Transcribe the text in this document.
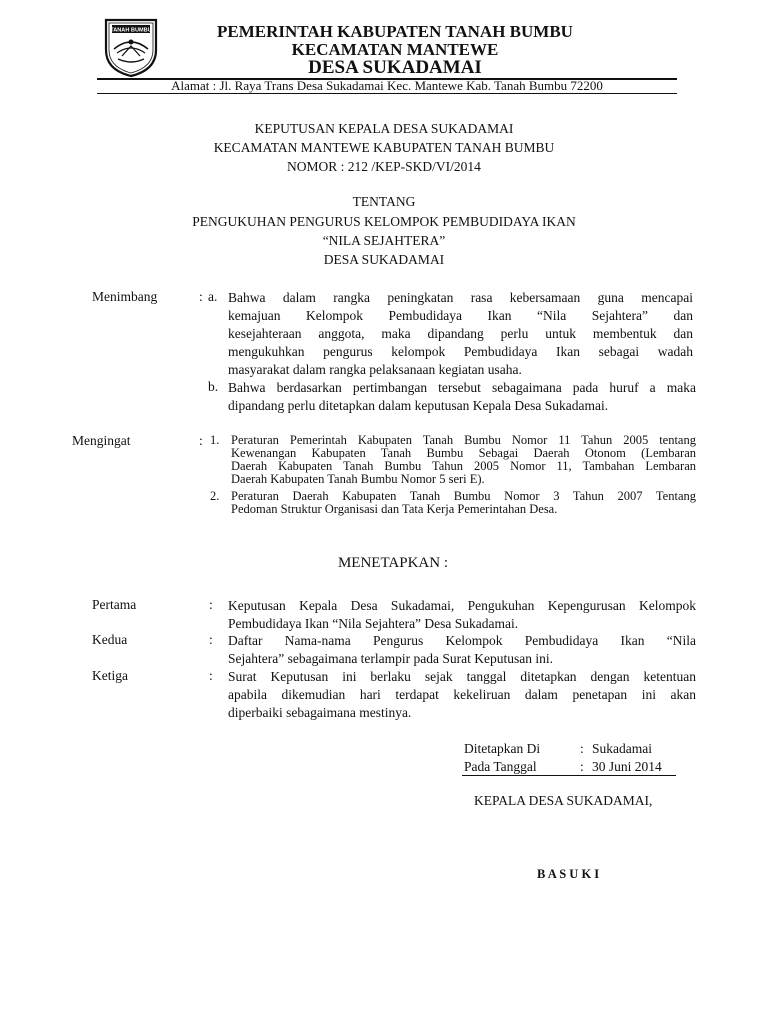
TANAH BUMBU	PEMERINTAH KABUPATEN TANAH BUMBU
KECAMATAN MANTEWE
DESA SUKADAMAI
Alamat : Jl. Raya Trans Desa Sukadamai Kec. Mantewe Kab. Tanah Bumbu 72200
KEPUTUSAN KEPALA DESA SUKADAMAI
KECAMATAN MANTEWE KABUPATEN TANAH BUMBU
NOMOR : 212 /KEP-SKD/VI/2014
TENTANG
PENGUKUHAN PENGURUS KELOMPOK PEMBUDIDAYA IKAN
“NILA SEJAHTERA”
DESA SUKADAMAI
Menimbang	: a. Bahwa dalam rangka peningkatan rasa kebersamaan guna mencapai
kemajuan Kelompok Pembudidaya Ikan “Nila Sejahtera” dan
kesejahteraan anggota, maka dipandang perlu untuk membentuk dan
mengukuhkan pengurus kelompok Pembudidaya Ikan sebagai wadah
masyarakat dalam rangka pelaksanaan kegiatan usaha.
b. Bahwa berdasarkan pertimbangan tersebut sebagaimana pada huruf a maka
dipandang perlu ditetapkan dalam keputusan Kepala Desa Sukadamai.
Mengingat	: 1. Peraturan Pemerintah Kabupaten Tanah Bumbu Nomor 11 Tahun 2005 tentang
Kewenangan Kabupaten Tanah Bumbu Sebagai Daerah Otonom (Lembaran
Daerah Kabupaten Tanah Bumbu Tahun 2005 Nomor 11, Tambahan Lembaran
Daerah Kabupaten Tanah Bumbu Nomor 5 seri E).
2. Peraturan Daerah Kabupaten Tanah Bumbu Nomor 3 Tahun 2007 Tentang
Pedoman Struktur Organisasi dan Tata Kerja Pemerintahan Desa.
MENETAPKAN :
Pertama	: Keputusan Kepala Desa Sukadamai, Pengukuhan Kepengurusan Kelompok
Pembudidaya Ikan “Nila Sejahtera” Desa Sukadamai.
Kedua	: Daftar Nama-nama Pengurus Kelompok Pembudidaya Ikan “Nila
Sejahtera” sebagaimana terlampir pada Surat Keputusan ini.
Ketiga	: Surat Keputusan ini berlaku sejak tanggal ditetapkan dengan ketentuan
apabila dikemudian hari terdapat kekeliruan dalam penetapan ini akan
diperbaiki sebagaimana mestinya.
Ditetapkan Di	: Sukadamai
Pada Tanggal	: 30 Juni 2014
KEPALA DESA SUKADAMAI,
B A S U K I
